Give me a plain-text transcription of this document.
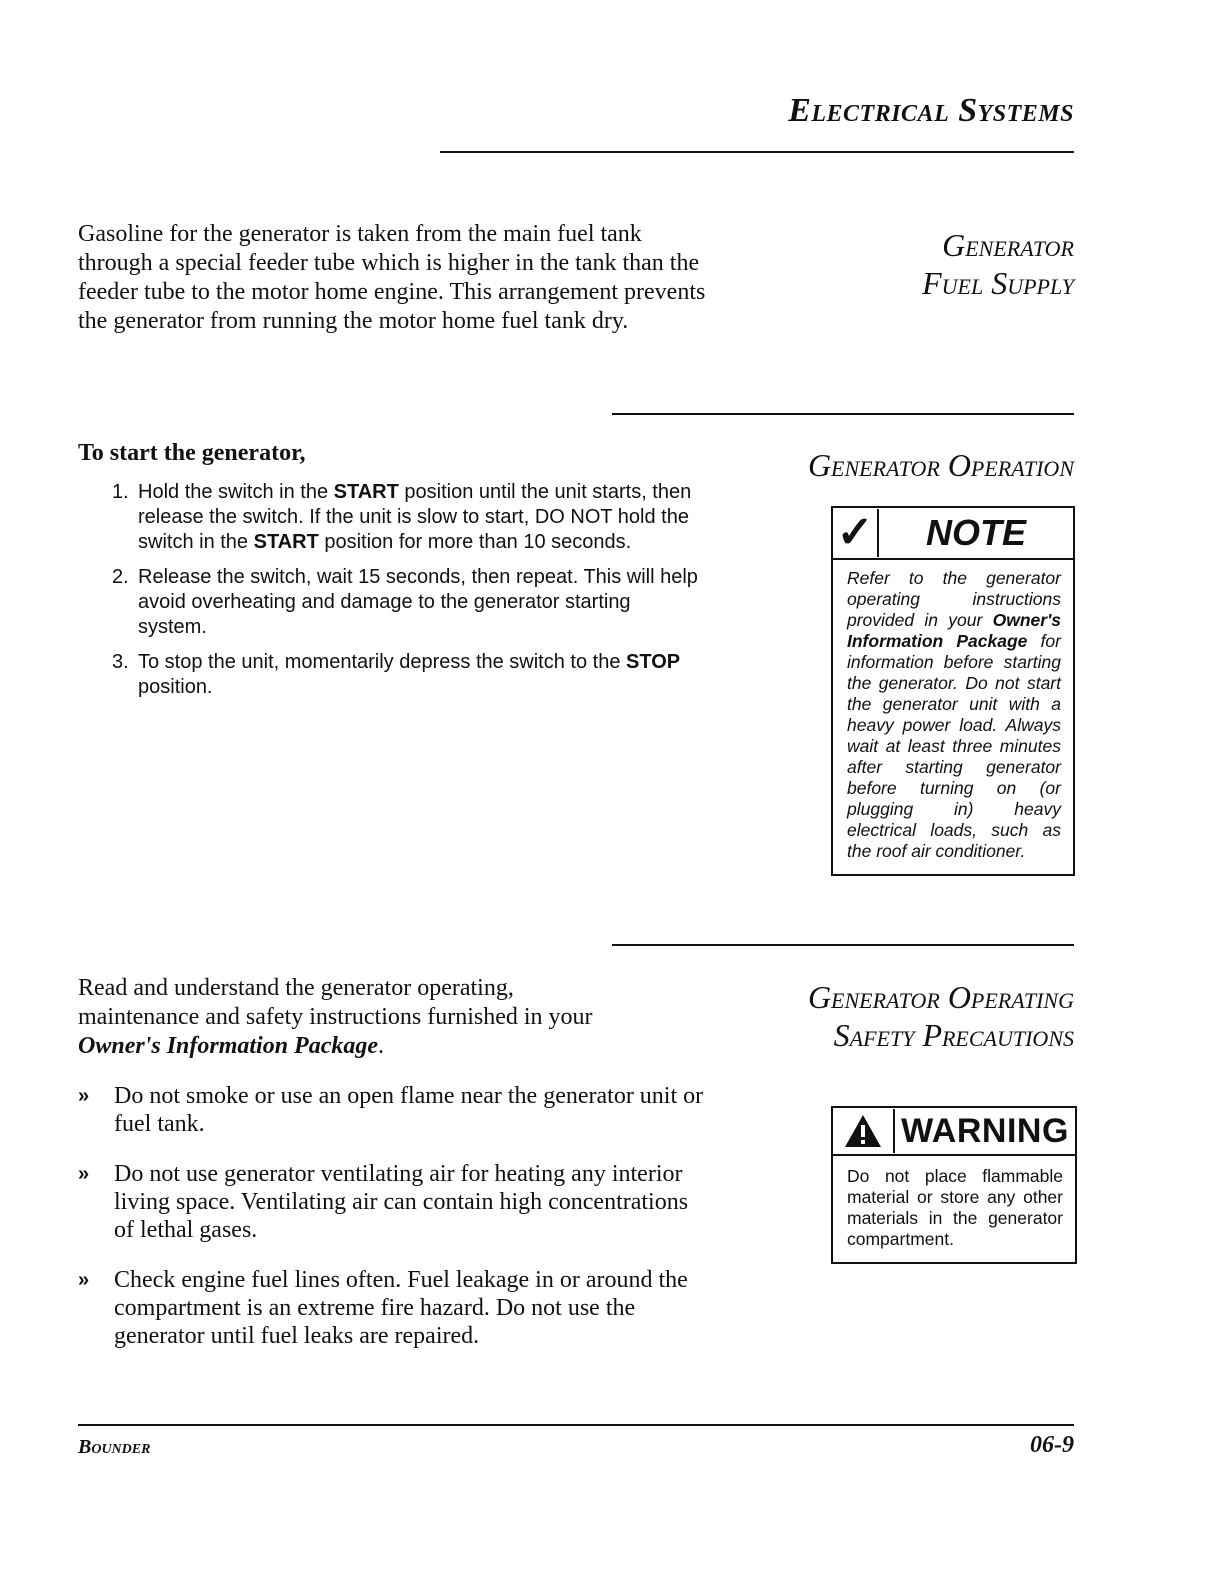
Electrical Systems
Gasoline for the generator is taken from the main fuel tank through a special feeder tube which is higher in the tank than the feeder tube to the motor home engine. This arrangement prevents the generator from running the motor home fuel tank dry.
Generator
Fuel Supply
To start the generator,	Generator Operation
1. Hold the switch in the START position until the unit starts, then release the switch. If the unit is slow to start, DO NOT hold the switch in the START position for more than 10 seconds.
2. Release the switch, wait 15 seconds, then repeat. This will help avoid overheating and damage to the generator starting system.
3. To stop the unit, momentarily depress the switch to the STOP position.
✓	NOTE
Refer to the generator operating instructions provided in your Owner's Information Package for information before starting the generator. Do not start the generator unit with a heavy power load. Always wait at least three minutes after starting generator before turning on (or plugging in) heavy electrical loads, such as the roof air conditioner.
Read and understand the generator operating, maintenance and safety instructions furnished in your Owner's Information Package.
Generator Operating
Safety Precautions
»	Do not smoke or use an open flame near the generator unit or fuel tank.
»	Do not use generator ventilating air for heating any interior living space. Ventilating air can contain high concentrations of lethal gases.
»	Check engine fuel lines often. Fuel leakage in or around the compartment is an extreme fire hazard. Do not use the generator until fuel leaks are repaired.
WARNING
Do not place flammable material or store any other materials in the generator compartment.
Bounder	06-9
